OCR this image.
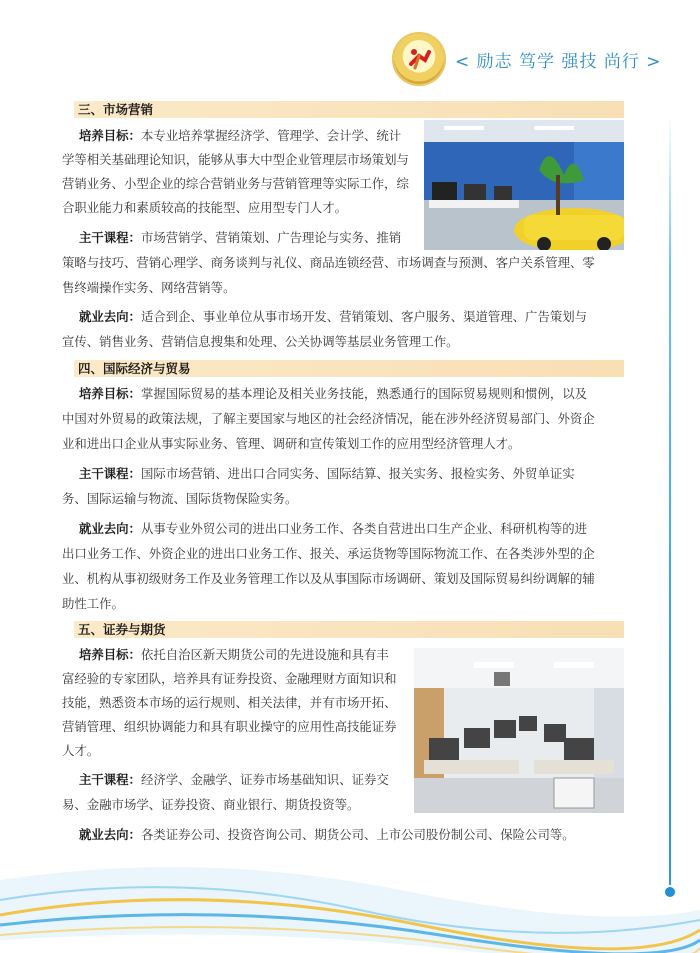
< 励志 笃学 强技 尚行 >
三、市场营销
培养目标：本专业培养掌握经济学、管理学、会计学、统计
学等相关基础理论知识，能够从事大中型企业管理层市场策划与
营销业务、小型企业的综合营销业务与营销管理等实际工作，综
合职业能力和素质较高的技能型、应用型专门人才。
主干课程：市场营销学、营销策划、广告理论与实务、推销
策略与技巧、营销心理学、商务谈判与礼仪、商品连锁经营、市场调查与预测、客户关系管理、零
售终端操作实务、网络营销等。
就业去向：适合到企、事业单位从事市场开发、营销策划、客户服务、渠道管理、广告策划与
宣传、销售业务、营销信息搜集和处理、公关协调等基层业务管理工作。
四、国际经济与贸易
培养目标：掌握国际贸易的基本理论及相关业务技能，熟悉通行的国际贸易规则和惯例，以及
中国对外贸易的政策法规，了解主要国家与地区的社会经济情况，能在涉外经济贸易部门、外资企
业和进出口企业从事实际业务、管理、调研和宣传策划工作的应用型经济管理人才。
主干课程：国际市场营销、进出口合同实务、国际结算、报关实务、报检实务、外贸单证实
务、国际运输与物流、国际货物保险实务。
就业去向：从事专业外贸公司的进出口业务工作、各类自营进出口生产企业、科研机构等的进
出口业务工作、外资企业的进出口业务工作、报关、承运货物等国际物流工作、在各类涉外型的企
业、机构从事初级财务工作及业务管理工作以及从事国际市场调研、策划及国际贸易纠纷调解的辅
助性工作。
五、证券与期货
培养目标：依托自治区新天期货公司的先进设施和具有丰
富经验的专家团队，培养具有证券投资、金融理财方面知识和
技能，熟悉资本市场的运行规则、相关法律，并有市场开拓、
营销管理、组织协调能力和具有职业操守的应用性高技能证券
人才。
主干课程：经济学、金融学、证券市场基础知识、证券交
易、金融市场学、证券投资、商业银行、期货投资等。
就业去向：各类证券公司、投资咨询公司、期货公司、上市公司股份制公司、保险公司等。
